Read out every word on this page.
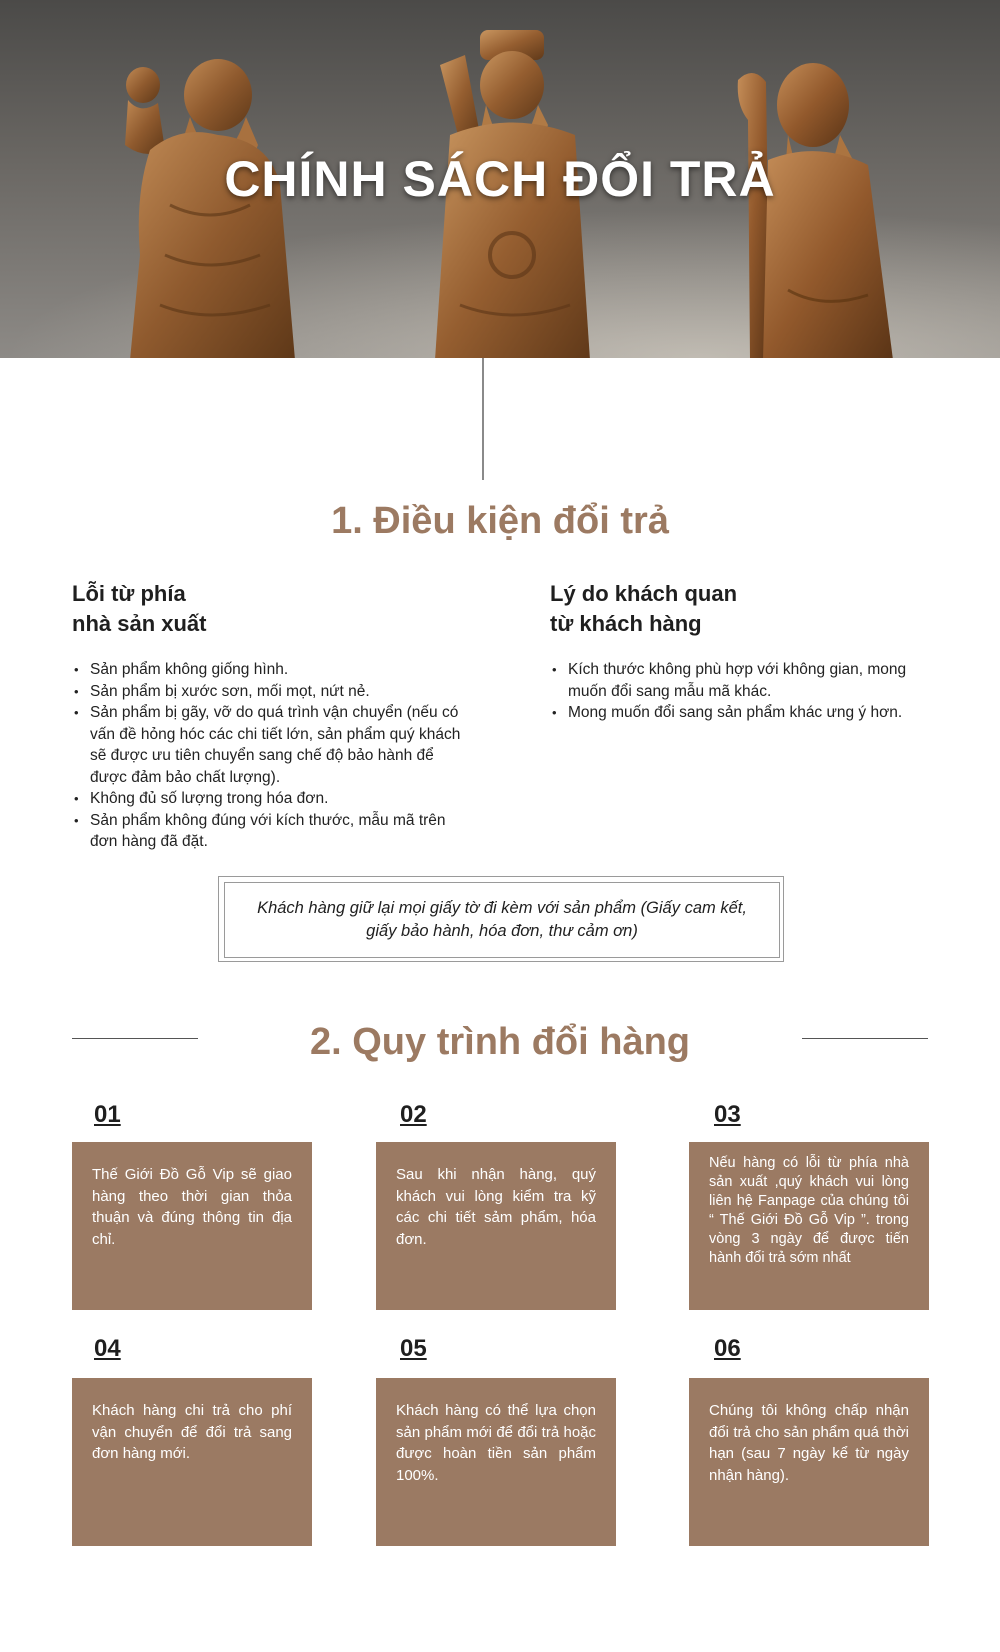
CHÍNH SÁCH ĐỔI TRẢ
1. Điều kiện đổi trả
Lỗi từ phía
nhà sản xuất
• Sản phẩm không giống hình.
• Sản phẩm bị xước sơn, mối mọt, nứt nẻ.
• Sản phẩm bị gãy, vỡ do quá trình vận chuyển (nếu có vấn đề hỏng hóc các chi tiết lớn, sản phẩm quý khách sẽ được ưu tiên chuyển sang chế độ bảo hành để được đảm bảo chất lượng).
• Không đủ số lượng trong hóa đơn.
• Sản phẩm không đúng với kích thước, mẫu mã trên đơn hàng đã đặt.
Lý do khách quan
từ khách hàng
• Kích thước không phù hợp với không gian, mong muốn đổi sang mẫu mã khác.
• Mong muốn đổi sang sản phẩm khác ưng ý hơn.
Khách hàng giữ lại mọi giấy tờ đi kèm với sản phẩm (Giấy cam kết, giấy bảo hành, hóa đơn, thư cảm ơn)
2. Quy trình đổi hàng
01
Thế Giới Đồ Gỗ Vip sẽ giao hàng theo thời gian thỏa thuận và đúng thông tin địa chỉ.
02
Sau khi nhận hàng, quý khách vui lòng kiểm tra kỹ các chi tiết sảm phẩm, hóa đơn.
03
Nếu hàng có lỗi từ phía nhà sản xuất ,quý khách vui lòng liên hệ Fanpage của chúng tôi “ Thế Giới Đồ Gỗ Vip ”. trong vòng 3 ngày để được tiến hành đổi trả sớm nhất
04
Khách hàng chi trả cho phí vận chuyển để đổi trả sang đơn hàng mới.
05
Khách hàng có thể lựa chọn sản phẩm mới để đổi trả hoặc được hoàn tiền sản phẩm 100%.
06
Chúng tôi không chấp nhận đổi trả cho sản phẩm quá thời hạn (sau 7 ngày kể từ ngày nhận hàng).
